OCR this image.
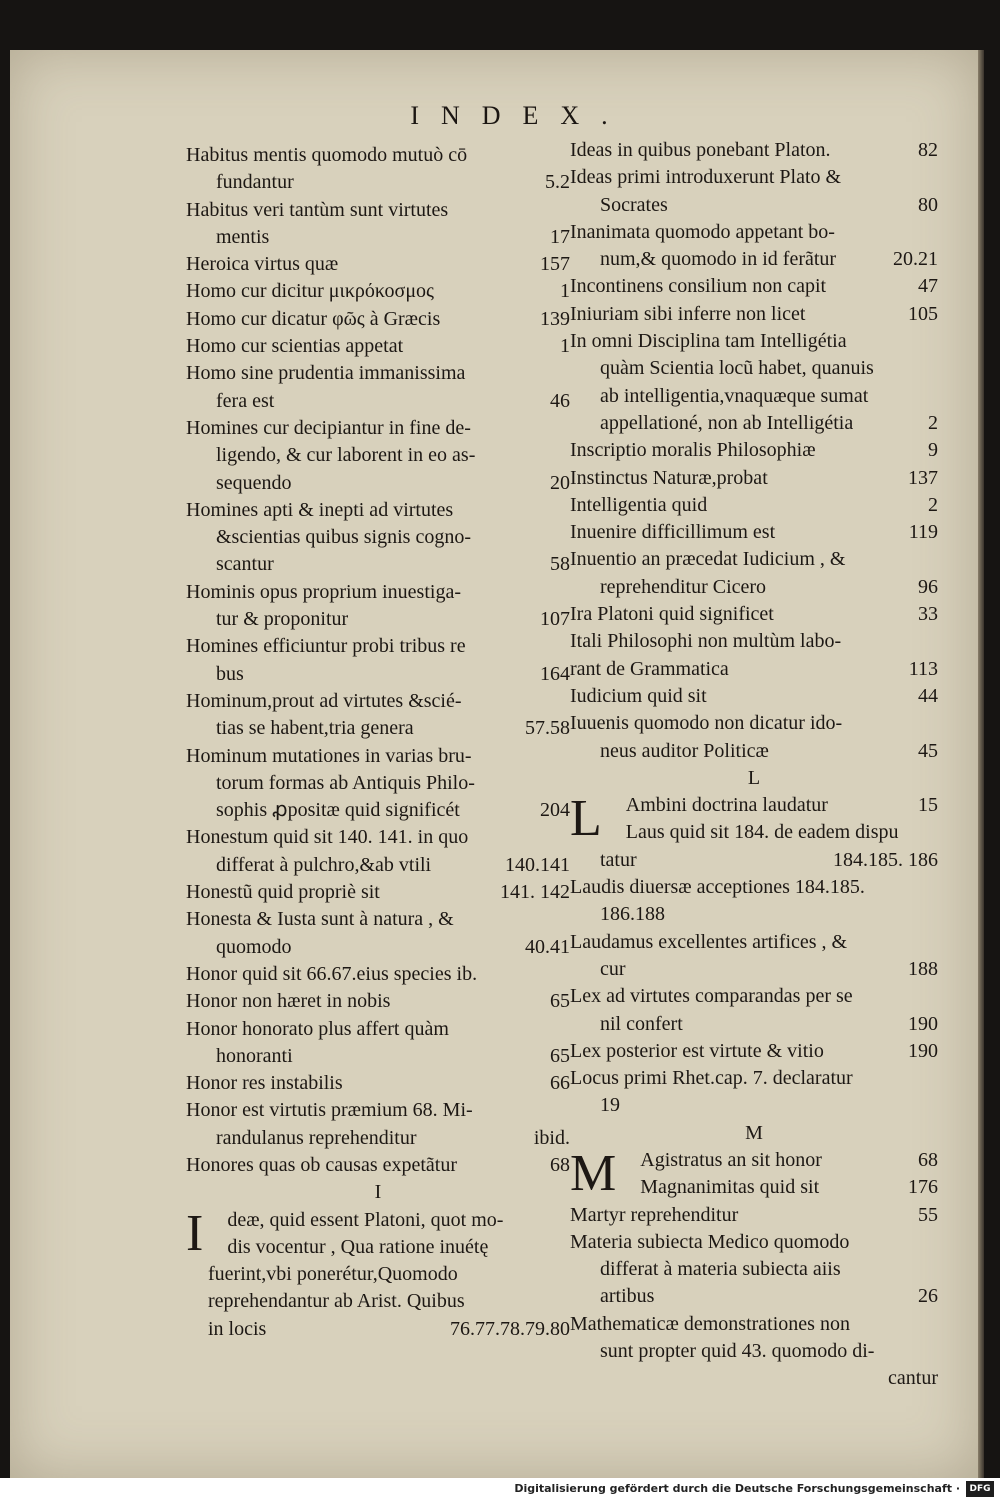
INDEX.
Habitus mentis quomodo mutuò cō
fundantur	5.2
Habitus veri tantùm sunt virtutes
mentis	17
Heroica virtus quæ	157
Homo cur dicitur μικρόκοσμος	1
Homo cur dicatur φῶς à Græcis	139
Homo cur scientias appetat	1
Homo sine prudentia immanissima
fera est	46
Homines cur decipiantur in fine de-
ligendo, & cur laborent in eo as-
sequendo	20
Homines apti & inepti ad virtutes
&scientias quibus signis cogno-
scantur	58
Hominis opus proprium inuestiga-
tur & proponitur	107
Homines efficiuntur probi tribus re
bus	164
Hominum,prout ad virtutes &scié-
tias se habent,tria genera	57.58
Hominum mutationes in varias bru-
torum formas ab Antiquis Philo-
sophis ꝓpositæ quid significét	204
Honestum quid sit 140. 141. in quo
differat à pulchro,&ab vtili	140.141
Honestũ quid propriè sit	141. 142
Honesta & Iusta sunt à natura , &
quomodo	40.41
Honor quid sit 66.67.eius species ib.
Honor non hæret in nobis	65
Honor honorato plus affert quàm
honoranti	65
Honor res instabilis	66
Honor est virtutis præmium 68. Mi-
randulanus reprehenditur	ibid.
Honores quas ob causas expetãtur	68
I
I deæ, quid essent Platoni, quot mo-
dis vocentur , Qua ratione inuétę
fuerint,vbi ponerétur,Quomodo
reprehendantur ab Arist. Quibus
in locis	76.77.78.79.80
Ideas in quibus ponebant Platon.	82
Ideas primi introduxerunt Plato &
Socrates	80
Inanimata quomodo appetant bo-
num,& quomodo in id ferãtur	20.21
Incontinens consilium non capit	47
Iniuriam sibi inferre non licet	105
In omni Disciplina tam Intelligétia
quàm Scientia locũ habet, quanuis
ab intelligentia,vnaquæque sumat
appellationé, non ab Intelligétia	2
Inscriptio moralis Philosophiæ	9
Instinctus Naturæ,probat	137
Intelligentia quid	2
Inuenire difficillimum est	119
Inuentio an præcedat Iudicium , &
reprehenditur Cicero	96
Ira Platoni quid significet	33
Itali Philosophi non multùm labo-
rant de Grammatica	113
Iudicium quid sit	44
Iuuenis quomodo non dicatur ido-
neus auditor Politicæ	45
L
L Ambini doctrina laudatur	15
Laus quid sit 184. de eadem dispu
tatur	184.185. 186
Laudis diuersæ acceptiones 184.185.
186.188
Laudamus excellentes artifices , &
cur	188
Lex ad virtutes comparandas per se
nil confert	190
Lex posterior est virtute & vitio	190
Locus primi Rhet.cap. 7. declaratur
19
M
M Agistratus an sit honor	68
Magnanimitas quid sit	176
Martyr reprehenditur	55
Materia subiecta Medico quomodo
differat à materia subiecta aiis
artibus	26
Mathematicæ demonstrationes non
sunt propter quid 43. quomodo di-
cantur
Digitalisierung gefördert durch die Deutsche Forschungsgemeinschaft ·	DFG
